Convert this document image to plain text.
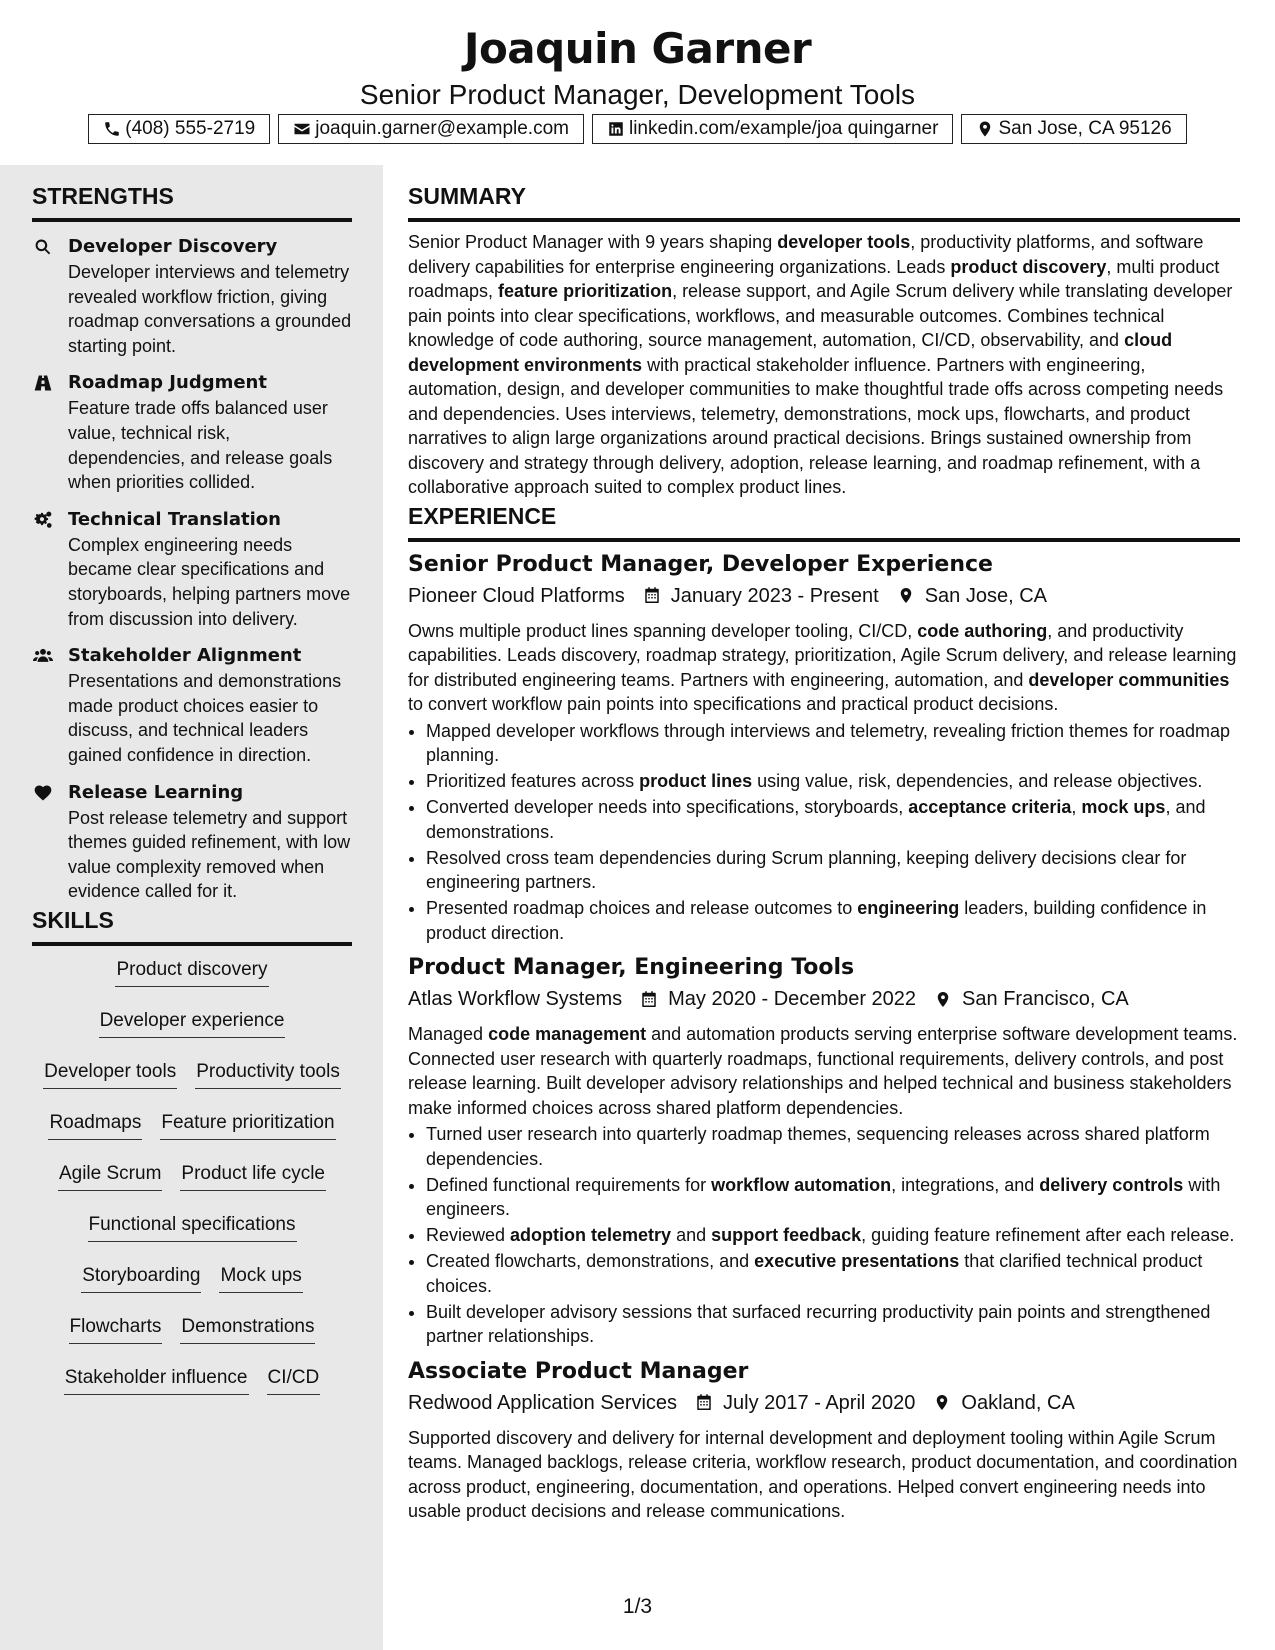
Joaquin Garner

Senior Product Manager, Development Tools

(408) 555-2719	joaquin.garner@example.com	linkedin.com/example/joa quingarner	San Jose, CA 95126
STRENGTHS
Developer Discovery
Developer interviews and telemetry revealed workflow friction, giving roadmap conversations a grounded starting point.
Roadmap Judgment
Feature trade offs balanced user value, technical risk, dependencies, and release goals when priorities collided.
Technical Translation
Complex engineering needs became clear specifications and storyboards, helping partners move from discussion into delivery.
Stakeholder Alignment
Presentations and demonstrations made product choices easier to discuss, and technical leaders gained confidence in direction.
Release Learning
Post release telemetry and support themes guided refinement, with low value complexity removed when evidence called for it.
SKILLS
Product discovery
Developer experience
Developer tools Productivity tools
Roadmaps Feature prioritization
Agile Scrum Product life cycle
Functional specifications
Storyboarding Mock ups
Flowcharts Demonstrations
Stakeholder influence CI/CD
SUMMARY
Senior Product Manager with 9 years shaping developer tools, productivity platforms, and software delivery capabilities for enterprise engineering organizations. Leads product discovery, multi product roadmaps, feature prioritization, release support, and Agile Scrum delivery while translating developer pain points into clear specifications, workflows, and measurable outcomes. Combines technical knowledge of code authoring, source management, automation, CI/CD, observability, and cloud development environments with practical stakeholder influence. Partners with engineering, automation, design, and developer communities to make thoughtful trade offs across competing needs and dependencies. Uses interviews, telemetry, demonstrations, mock ups, flowcharts, and product narratives to align large organizations around practical decisions. Brings sustained ownership from discovery and strategy through delivery, adoption, release learning, and roadmap refinement, with a collaborative approach suited to complex product lines.
EXPERIENCE
Senior Product Manager, Developer Experience
Pioneer Cloud Platforms January 2023 - Present San Jose, CA
Owns multiple product lines spanning developer tooling, CI/CD, code authoring, and productivity capabilities. Leads discovery, roadmap strategy, prioritization, Agile Scrum delivery, and release learning for distributed engineering teams. Partners with engineering, automation, and developer communities to convert workflow pain points into specifications and practical product decisions.
• Mapped developer workflows through interviews and telemetry, revealing friction themes for roadmap planning.
• Prioritized features across product lines using value, risk, dependencies, and release objectives.
• Converted developer needs into specifications, storyboards, acceptance criteria, mock ups, and demonstrations.
• Resolved cross team dependencies during Scrum planning, keeping delivery decisions clear for engineering partners.
• Presented roadmap choices and release outcomes to engineering leaders, building confidence in product direction.
Product Manager, Engineering Tools
Atlas Workflow Systems May 2020 - December 2022 San Francisco, CA
Managed code management and automation products serving enterprise software development teams. Connected user research with quarterly roadmaps, functional requirements, delivery controls, and post release learning. Built developer advisory relationships and helped technical and business stakeholders make informed choices across shared platform dependencies.
• Turned user research into quarterly roadmap themes, sequencing releases across shared platform dependencies.
• Defined functional requirements for workflow automation, integrations, and delivery controls with engineers.
• Reviewed adoption telemetry and support feedback, guiding feature refinement after each release.
• Created flowcharts, demonstrations, and executive presentations that clarified technical product choices.
• Built developer advisory sessions that surfaced recurring productivity pain points and strengthened partner relationships.
Associate Product Manager
Redwood Application Services July 2017 - April 2020 Oakland, CA
Supported discovery and delivery for internal development and deployment tooling within Agile Scrum teams. Managed backlogs, release criteria, workflow research, product documentation, and coordination across product, engineering, documentation, and operations. Helped convert engineering needs into usable product decisions and release communications.
1/3
